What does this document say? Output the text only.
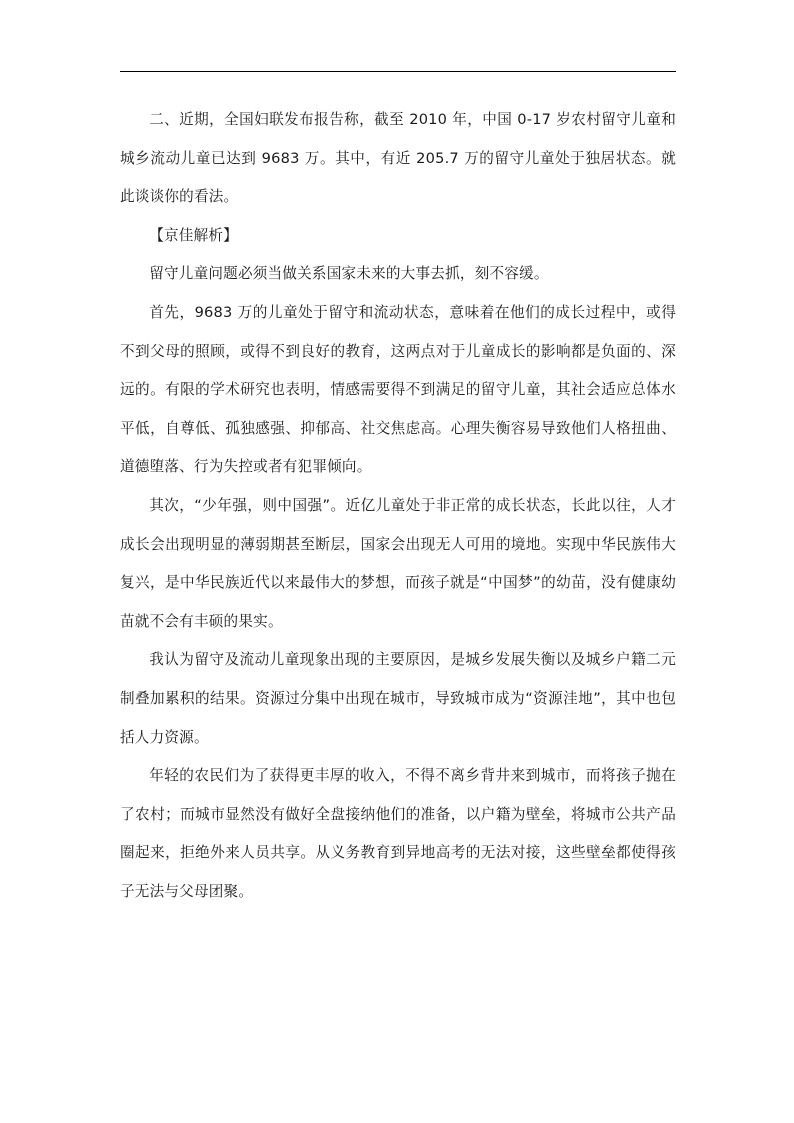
二、近期，全国妇联发布报告称，截至 2010 年，中国 0-17 岁农村留守儿童和城乡流动儿童已达到 9683 万。其中，有近 205.7 万的留守儿童处于独居状态。就此谈谈你的看法。

【京佳解析】

留守儿童问题必须当做关系国家未来的大事去抓，刻不容缓。

首先，9683 万的儿童处于留守和流动状态，意味着在他们的成长过程中，或得不到父母的照顾，或得不到良好的教育，这两点对于儿童成长的影响都是负面的、深远的。有限的学术研究也表明，情感需要得不到满足的留守儿童，其社会适应总体水平低，自尊低、孤独感强、抑郁高、社交焦虑高。心理失衡容易导致他们人格扭曲、道德堕落、行为失控或者有犯罪倾向。

其次，“少年强，则中国强”。近亿儿童处于非正常的成长状态，长此以往，人才成长会出现明显的薄弱期甚至断层，国家会出现无人可用的境地。实现中华民族伟大复兴，是中华民族近代以来最伟大的梦想，而孩子就是“中国梦”的幼苗，没有健康幼苗就不会有丰硕的果实。

我认为留守及流动儿童现象出现的主要原因，是城乡发展失衡以及城乡户籍二元制叠加累积的结果。资源过分集中出现在城市，导致城市成为“资源洼地”，其中也包括人力资源。

年轻的农民们为了获得更丰厚的收入，不得不离乡背井来到城市，而将孩子抛在了农村；而城市显然没有做好全盘接纳他们的准备，以户籍为壁垒，将城市公共产品圈起来，拒绝外来人员共享。从义务教育到异地高考的无法对接，这些壁垒都使得孩子无法与父母团聚。
